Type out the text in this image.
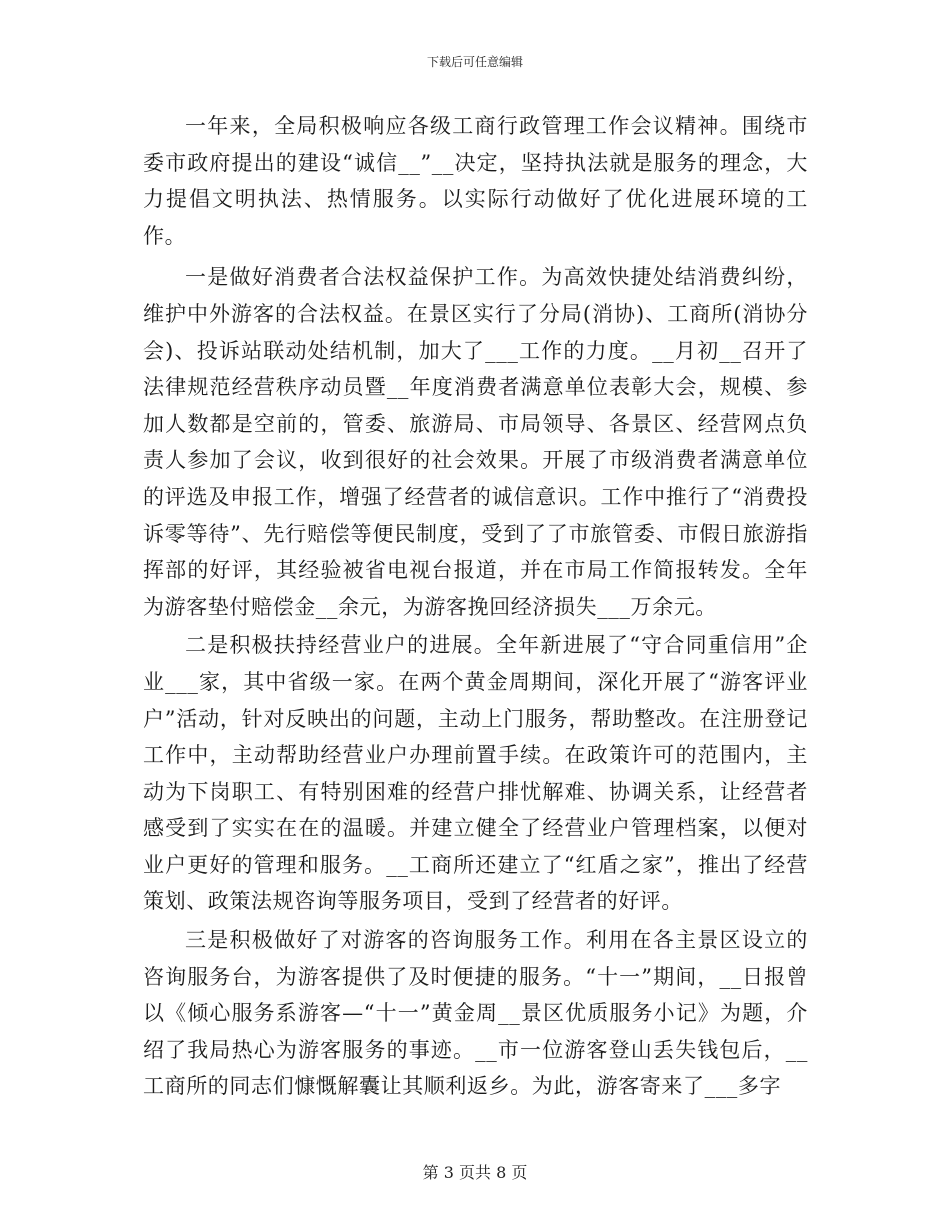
下载后可任意编辑

一年来，全局积极响应各级工商行政管理工作会议精神。围绕市委市政府提出的建设“诚信__”__决定，坚持执法就是服务的理念，大力提倡文明执法、热情服务。以实际行动做好了优化进展环境的工作。

一是做好消费者合法权益保护工作。为高效快捷处结消费纠纷，维护中外游客的合法权益。在景区实行了分局(消协)、工商所(消协分会)、投诉站联动处结机制，加大了___工作的力度。__月初__召开了法律规范经营秩序动员暨__年度消费者满意单位表彰大会，规模、参加人数都是空前的，管委、旅游局、市局领导、各景区、经营网点负责人参加了会议，收到很好的社会效果。开展了市级消费者满意单位的评选及申报工作，增强了经营者的诚信意识。工作中推行了“消费投诉零等待”、先行赔偿等便民制度，受到了了市旅管委、市假日旅游指挥部的好评，其经验被省电视台报道，并在市局工作简报转发。全年为游客垫付赔偿金__余元，为游客挽回经济损失___万余元。

二是积极扶持经营业户的进展。全年新进展了“守合同重信用”企业___家，其中省级一家。在两个黄金周期间，深化开展了“游客评业户”活动，针对反映出的问题，主动上门服务，帮助整改。在注册登记工作中，主动帮助经营业户办理前置手续。在政策许可的范围内，主动为下岗职工、有特别困难的经营户排忧解难、协调关系，让经营者感受到了实实在在的温暖。并建立健全了经营业户管理档案，以便对业户更好的管理和服务。__工商所还建立了“红盾之家”，推出了经营策划、政策法规咨询等服务项目，受到了经营者的好评。

三是积极做好了对游客的咨询服务工作。利用在各主景区设立的咨询服务台，为游客提供了及时便捷的服务。“十一”期间，__日报曾以《倾心服务系游客—“十一”黄金周__景区优质服务小记》为题，介绍了我局热心为游客服务的事迹。__市一位游客登山丢失钱包后，__工商所的同志们慷慨解囊让其顺利返乡。为此，游客寄来了___多字

第 3 页共 8 页
